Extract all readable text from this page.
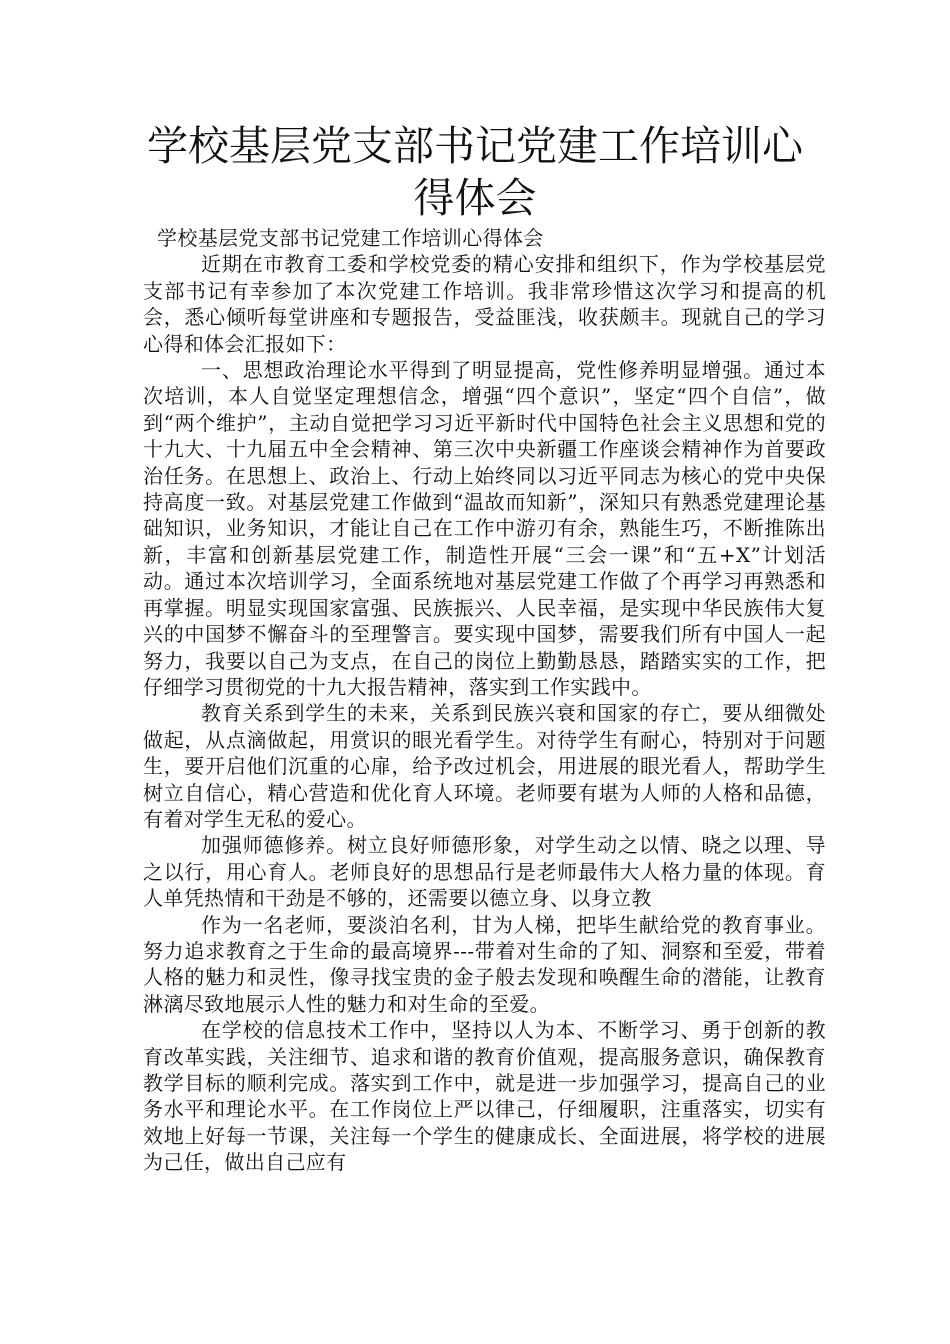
学校基层党支部书记党建工作培训心得体会

学校基层党支部书记党建工作培训心得体会

近期在市教育工委和学校党委的精心安排和组织下，作为学校基层党支部书记有幸参加了本次党建工作培训。我非常珍惜这次学习和提高的机会，悉心倾听每堂讲座和专题报告，受益匪浅，收获颇丰。现就自己的学习心得和体会汇报如下：

一、思想政治理论水平得到了明显提高，党性修养明显增强。通过本次培训，本人自觉坚定理想信念，增强“四个意识”，坚定“四个自信”，做到“两个维护”，主动自觉把学习习近平新时代中国特色社会主义思想和党的十九大、十九届五中全会精神、第三次中央新疆工作座谈会精神作为首要政治任务。在思想上、政治上、行动上始终同以习近平同志为核心的党中央保持高度一致。对基层党建工作做到“温故而知新”，深知只有熟悉党建理论基础知识，业务知识，才能让自己在工作中游刃有余，熟能生巧，不断推陈出新，丰富和创新基层党建工作，制造性开展“三会一课”和“五+X”计划活动。通过本次培训学习，全面系统地对基层党建工作做了个再学习再熟悉和再掌握。明显实现国家富强、民族振兴、人民幸福，是实现中华民族伟大复兴的中国梦不懈奋斗的至理警言。要实现中国梦，需要我们所有中国人一起努力，我要以自己为支点，在自己的岗位上勤勤恳恳，踏踏实实的工作，把仔细学习贯彻党的十九大报告精神，落实到工作实践中。

教育关系到学生的未来，关系到民族兴衰和国家的存亡，要从细微处做起，从点滴做起，用赏识的眼光看学生。对待学生有耐心，特别对于问题生，要开启他们沉重的心扉，给予改过机会，用进展的眼光看人，帮助学生树立自信心，精心营造和优化育人环境。老师要有堪为人师的人格和品德，有着对学生无私的爱心。

加强师德修养。树立良好师德形象，对学生动之以情、晓之以理、导之以行，用心育人。老师良好的思想品行是老师最伟大人格力量的体现。育人单凭热情和干劲是不够的，还需要以德立身、以身立教

作为一名老师，要淡泊名利，甘为人梯，把毕生献给党的教育事业。努力追求教育之于生命的最高境界---带着对生命的了知、洞察和至爱，带着人格的魅力和灵性，像寻找宝贵的金子般去发现和唤醒生命的潜能，让教育淋漓尽致地展示人性的魅力和对生命的至爱。

在学校的信息技术工作中，坚持以人为本、不断学习、勇于创新的教育改革实践，关注细节、追求和谐的教育价值观，提高服务意识，确保教育教学目标的顺利完成。落实到工作中，就是进一步加强学习，提高自己的业务水平和理论水平。在工作岗位上严以律己，仔细履职，注重落实，切实有效地上好每一节课，关注每一个学生的健康成长、全面进展，将学校的进展为己任，做出自己应有
